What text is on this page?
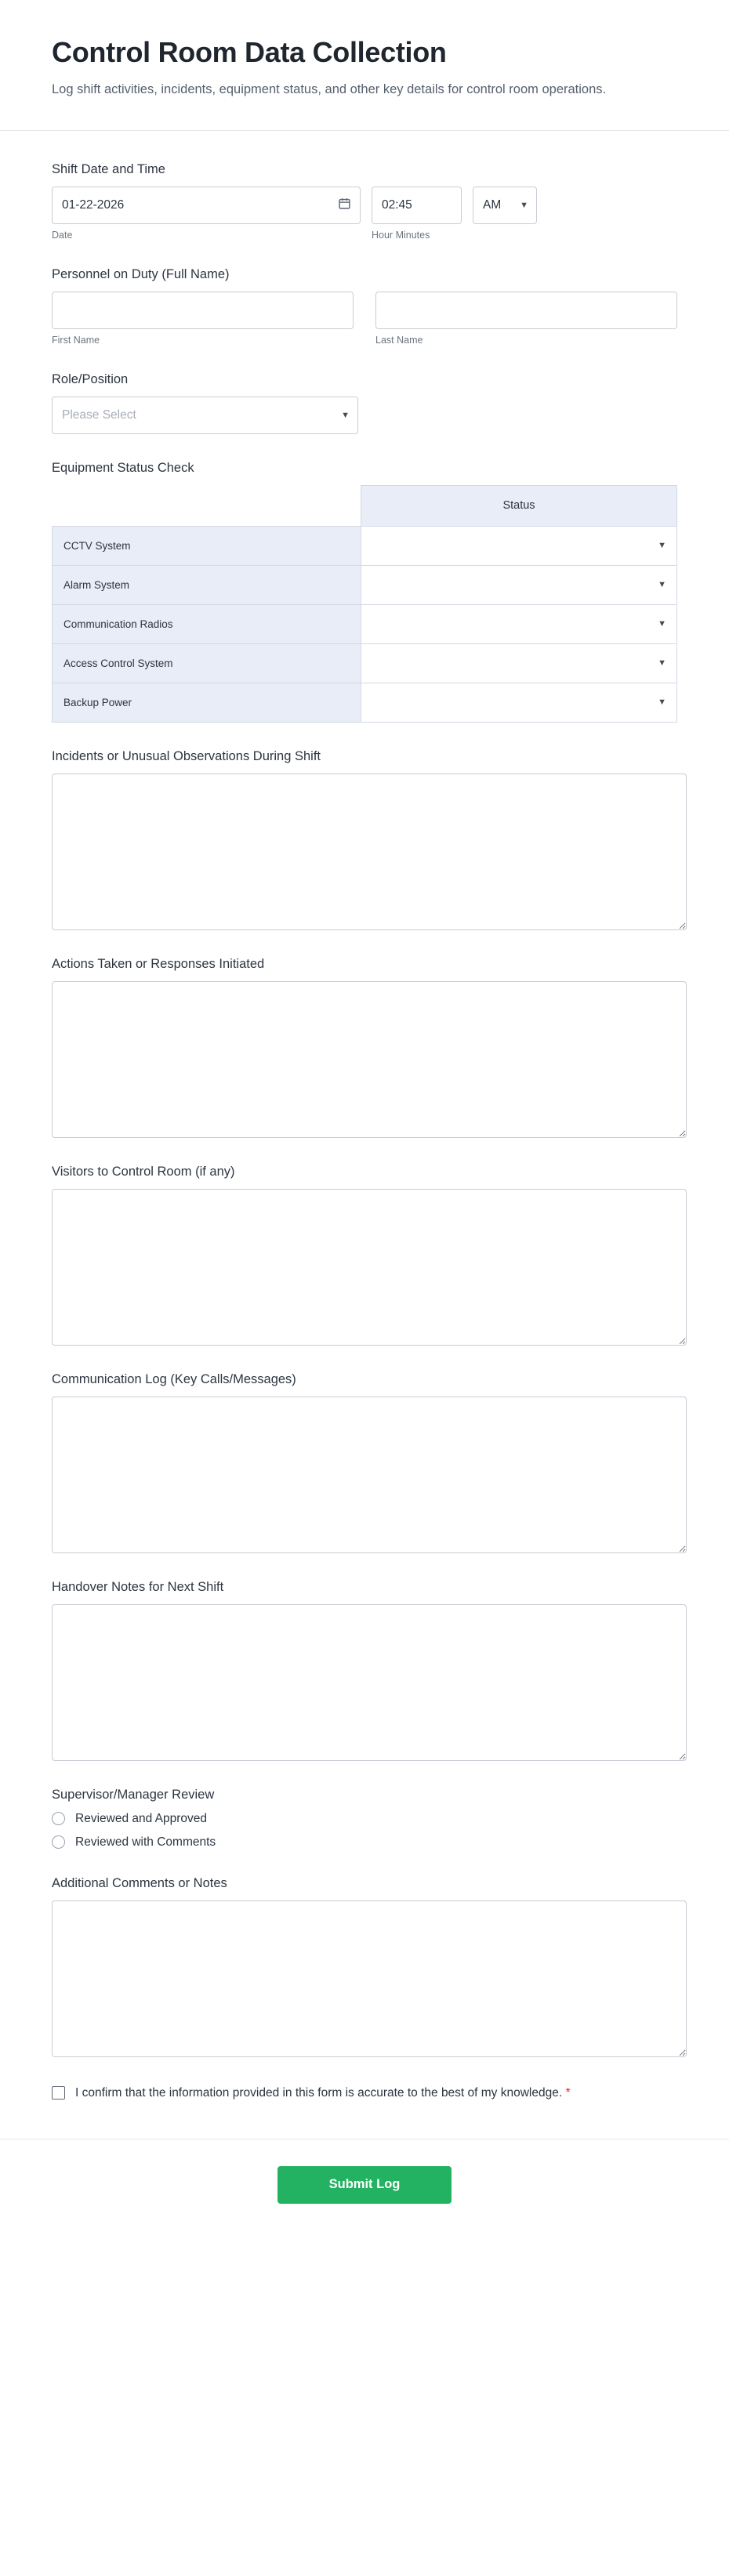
Control Room Data Collection

Log shift activities, incidents, equipment status, and other key details for control room operations.

Shift Date and Time
01-22-2026
Date
02:45	Hour Minutes
AM
▼
Personnel on Duty (Full Name)
First Name	Last Name
Role/Position
Please Select
▼
Equipment Status Check
	Status
CCTV System	▼

Alarm System	▼

Communication Radios	▼

Access Control System	▼

Backup Power	▼
Incidents or Unusual Observations During Shift
Actions Taken or Responses Initiated
Visitors to Control Room (if any)
Communication Log (Key Calls/Messages)
Handover Notes for Next Shift
Supervisor/Manager Review
Reviewed and Approved
Reviewed with Comments
Additional Comments or Notes
I confirm that the information provided in this form is accurate to the best of my knowledge. *
Submit Log
